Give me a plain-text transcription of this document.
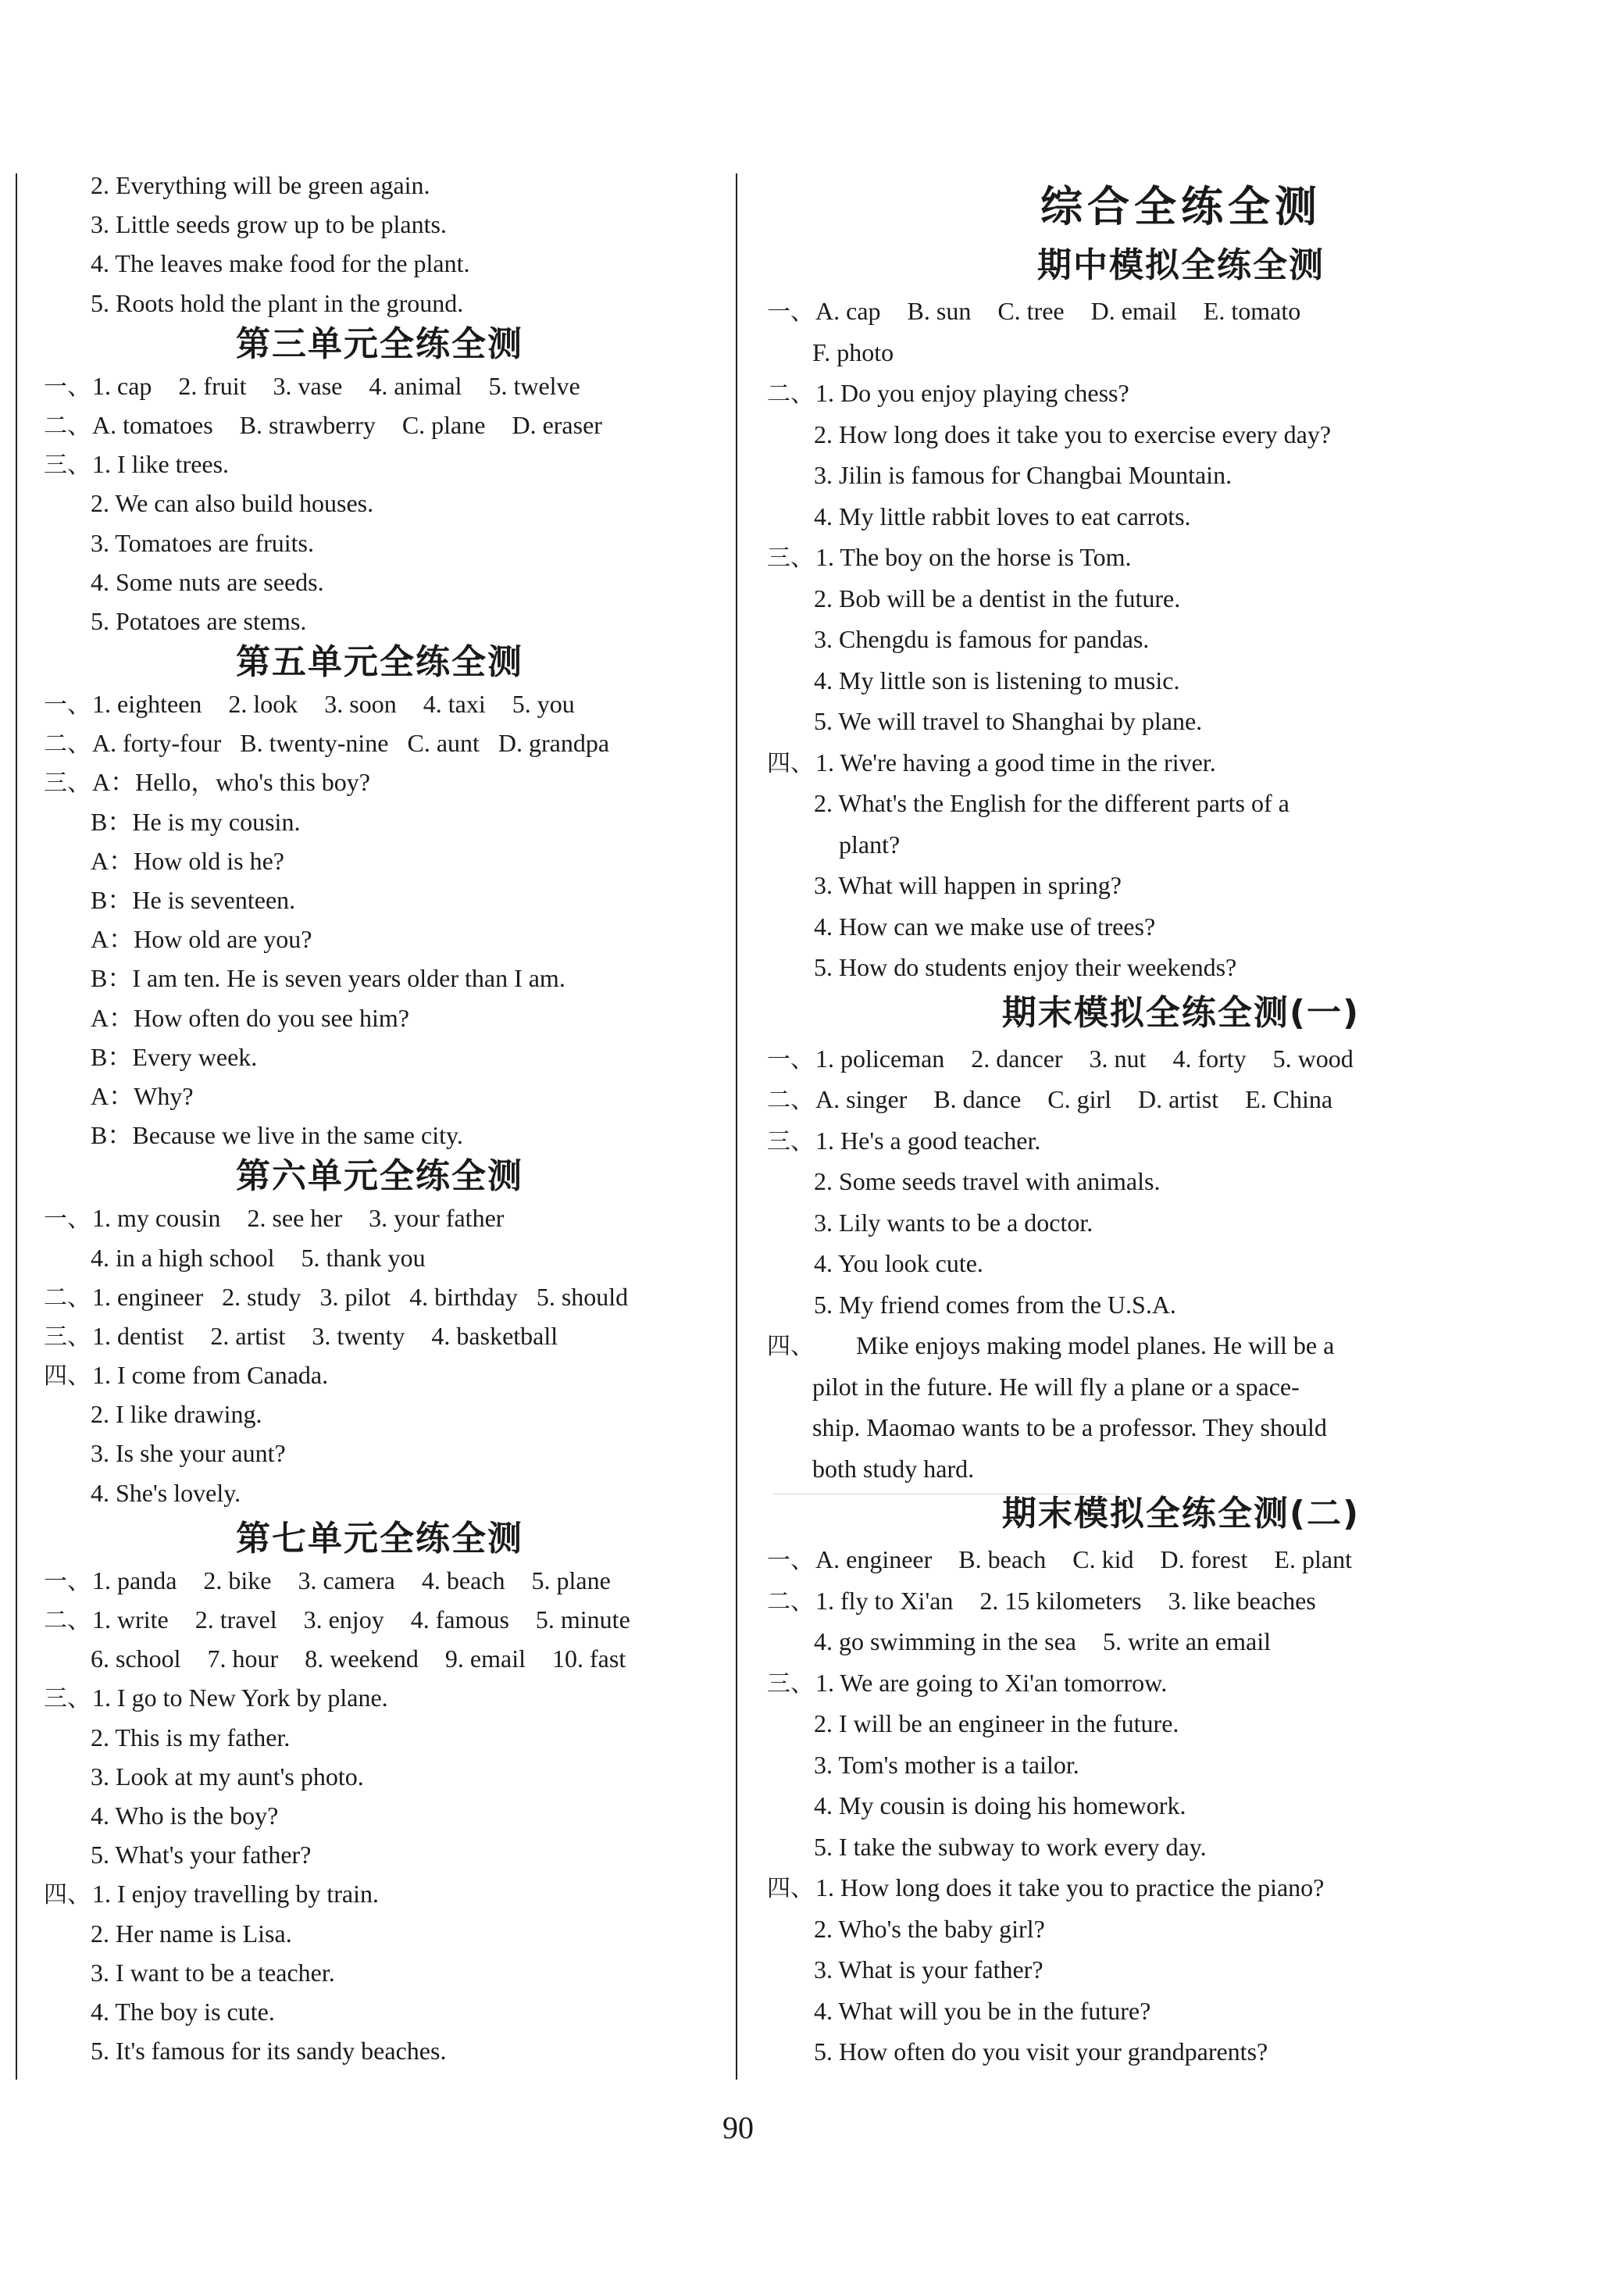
2. Everything will be green again.
3. Little seeds grow up to be plants.
4. The leaves make food for the plant.
5. Roots hold the plant in the ground.
第三单元全练全测
一、1. cap 2. fruit 3. vase 4. animal 5. twelve
二、A. tomatoes B. strawberry C. plane D. eraser
三、1. I like trees.
2. We can also build houses.
3. Tomatoes are fruits.
4. Some nuts are seeds.
5. Potatoes are stems.
第五单元全练全测
一、1. eighteen 2. look 3. soon 4. taxi 5. you
二、A. forty-four B. twenty-nine C. aunt D. grandpa
三、A：Hello，who's this boy?
B：He is my cousin.
A：How old is he?
B：He is seventeen.
A：How old are you?
B：I am ten. He is seven years older than I am.
A：How often do you see him?
B：Every week.
A：Why?
B：Because we live in the same city.
第六单元全练全测
一、1. my cousin 2. see her 3. your father
4. in a high school 5. thank you
二、1. engineer 2. study 3. pilot 4. birthday 5. should
三、1. dentist 2. artist 3. twenty 4. basketball
四、1. I come from Canada.
2. I like drawing.
3. Is she your aunt?
4. She's lovely.
第七单元全练全测
一、1. panda 2. bike 3. camera 4. beach 5. plane
二、1. write 2. travel 3. enjoy 4. famous 5. minute
6. school 7. hour 8. weekend 9. email 10. fast
三、1. I go to New York by plane.
2. This is my father.
3. Look at my aunt's photo.
4. Who is the boy?
5. What's your father?
四、1. I enjoy travelling by train.
2. Her name is Lisa.
3. I want to be a teacher.
4. The boy is cute.
5. It's famous for its sandy beaches.
综合全练全测
期中模拟全练全测
一、A. cap B. sun C. tree D. email E. tomato
F. photo
二、1. Do you enjoy playing chess?
2. How long does it take you to exercise every day?
3. Jilin is famous for Changbai Mountain.
4. My little rabbit loves to eat carrots.
三、1. The boy on the horse is Tom.
2. Bob will be a dentist in the future.
3. Chengdu is famous for pandas.
4. My little son is listening to music.
5. We will travel to Shanghai by plane.
四、1. We're having a good time in the river.
2. What's the English for the different parts of a
plant?
3. What will happen in spring?
4. How can we make use of trees?
5. How do students enjoy their weekends?
期末模拟全练全测(一)
一、1. policeman 2. dancer 3. nut 4. forty 5. wood
二、A. singer B. dance C. girl D. artist E. China
三、1. He's a good teacher.
2. Some seeds travel with animals.
3. Lily wants to be a doctor.
4. You look cute.
5. My friend comes from the U.S.A.
四、 Mike enjoys making model planes. He will be a
pilot in the future. He will fly a plane or a space-
ship. Maomao wants to be a professor. They should
both study hard.
期末模拟全练全测(二)
一、A. engineer B. beach C. kid D. forest E. plant
二、1. fly to Xi'an 2. 15 kilometers 3. like beaches
4. go swimming in the sea 5. write an email
三、1. We are going to Xi'an tomorrow.
2. I will be an engineer in the future.
3. Tom's mother is a tailor.
4. My cousin is doing his homework.
5. I take the subway to work every day.
四、1. How long does it take you to practice the piano?
2. Who's the baby girl?
3. What is your father?
4. What will you be in the future?
5. How often do you visit your grandparents?
90
